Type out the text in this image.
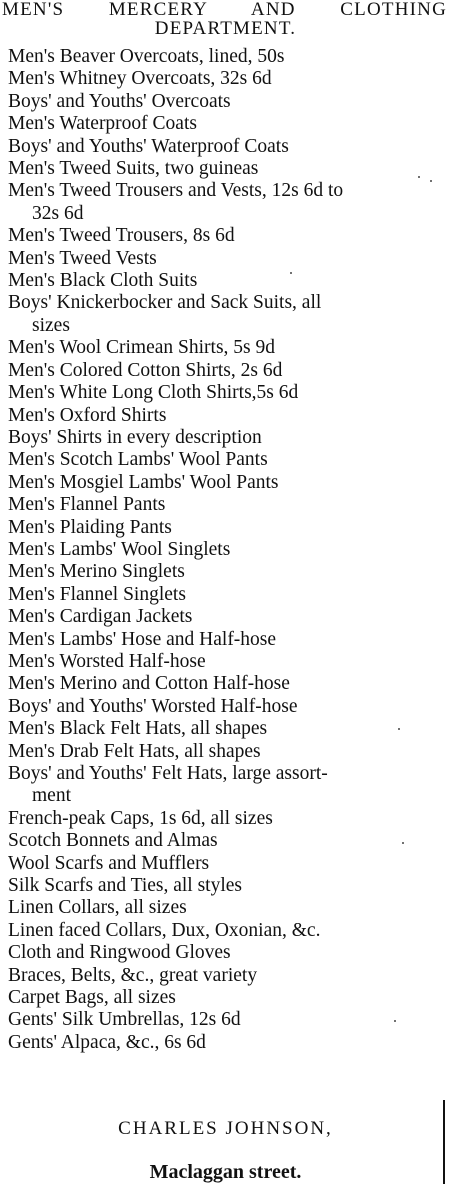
MEN'S MERCERY AND CLOTHING
DEPARTMENT.
Men's Beaver Overcoats, lined, 50s
Men's Whitney Overcoats, 32s 6d
Boys' and Youths' Overcoats
Men's Waterproof Coats
Boys' and Youths' Waterproof Coats
Men's Tweed Suits, two guineas
Men's Tweed Trousers and Vests, 12s 6d to
32s 6d
Men's Tweed Trousers, 8s 6d
Men's Tweed Vests
Men's Black Cloth Suits
Boys' Knickerbocker and Sack Suits, all
sizes
Men's Wool Crimean Shirts, 5s 9d
Men's Colored Cotton Shirts, 2s 6d
Men's White Long Cloth Shirts,5s 6d
Men's Oxford Shirts
Boys' Shirts in every description
Men's Scotch Lambs' Wool Pants
Men's Mosgiel Lambs' Wool Pants
Men's Flannel Pants
Men's Plaiding Pants
Men's Lambs' Wool Singlets
Men's Merino Singlets
Men's Flannel Singlets
Men's Cardigan Jackets
Men's Lambs' Hose and Half-hose
Men's Worsted Half-hose
Men's Merino and Cotton Half-hose
Boys' and Youths' Worsted Half-hose
Men's Black Felt Hats, all shapes
Men's Drab Felt Hats, all shapes
Boys' and Youths' Felt Hats, large assort-
ment
French-peak Caps, 1s 6d, all sizes
Scotch Bonnets and Almas
Wool Scarfs and Mufflers
Silk Scarfs and Ties, all styles
Linen Collars, all sizes
Linen faced Collars, Dux, Oxonian, &c.
Cloth and Ringwood Gloves
Braces, Belts, &c., great variety
Carpet Bags, all sizes
Gents' Silk Umbrellas, 12s 6d
Gents' Alpaca, &c., 6s 6d
CHARLES JOHNSON,
Maclaggan street.
